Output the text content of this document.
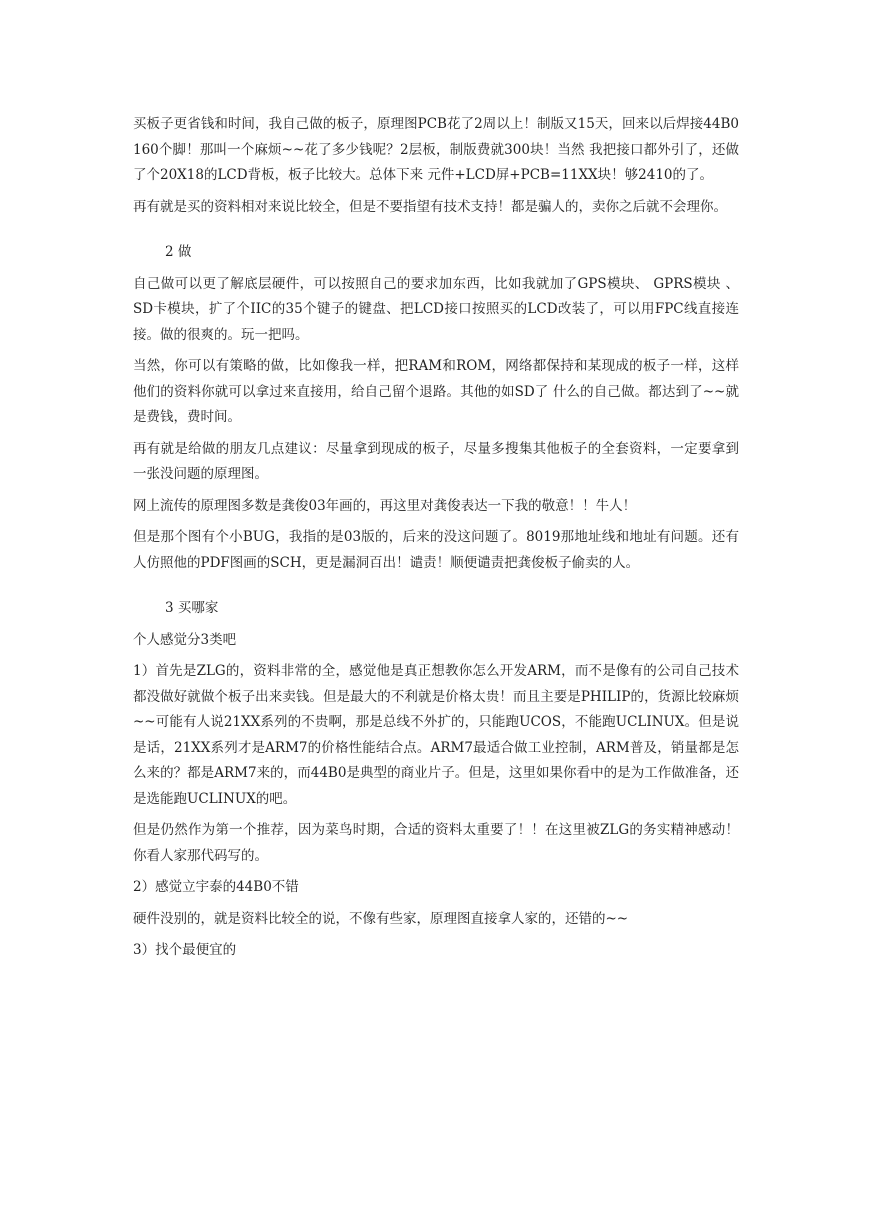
买板子更省钱和时间，我自己做的板子，原理图PCB花了2周以上！制版又15天，回来以后焊接44B0 160个脚！那叫一个麻烦~~花了多少钱呢？2层板，制版费就300块！当然 我把接口都外引了，还做了个20X18的LCD背板，板子比较大。总体下来 元件+LCD屏+PCB=11XX块！够2410的了。

再有就是买的资料相对来说比较全，但是不要指望有技术支持！都是骗人的，卖你之后就不会理你。

2 做

自己做可以更了解底层硬件，可以按照自己的要求加东西，比如我就加了GPS模块、 GPRS模块 、SD卡模块，扩了个IIC的35个键子的键盘、把LCD接口按照买的LCD改装了，可以用FPC线直接连接。做的很爽的。玩一把吗。

当然，你可以有策略的做，比如像我一样，把RAM和ROM，网络都保持和某现成的板子一样，这样他们的资料你就可以拿过来直接用，给自己留个退路。其他的如SD了 什么的自己做。都达到了~~就是费钱，费时间。

再有就是给做的朋友几点建议：尽量拿到现成的板子，尽量多搜集其他板子的全套资料，一定要拿到一张没问题的原理图。

网上流传的原理图多数是龚俊03年画的，再这里对龚俊表达一下我的敬意！！牛人！

但是那个图有个小BUG，我指的是03版的，后来的没这问题了。8019那地址线和地址有问题。还有人仿照他的PDF图画的SCH，更是漏洞百出！谴责！顺便谴责把龚俊板子偷卖的人。

3 买哪家

个人感觉分3类吧

1）首先是ZLG的，资料非常的全，感觉他是真正想教你怎么开发ARM，而不是像有的公司自己技术都没做好就做个板子出来卖钱。但是最大的不利就是价格太贵！而且主要是PHILIP的，货源比较麻烦~~可能有人说21XX系列的不贵啊，那是总线不外扩的，只能跑UCOS，不能跑UCLINUX。但是说是话，21XX系列才是ARM7的价格性能结合点。ARM7最适合做工业控制，ARM普及，销量都是怎么来的？都是ARM7来的，而44B0是典型的商业片子。但是，这里如果你看中的是为工作做准备，还是选能跑UCLINUX的吧。

但是仍然作为第一个推荐，因为菜鸟时期，合适的资料太重要了！！在这里被ZLG的务实精神感动！你看人家那代码写的。

2）感觉立宇泰的44B0不错

硬件没别的，就是资料比较全的说，不像有些家，原理图直接拿人家的，还错的~~

3）找个最便宜的
